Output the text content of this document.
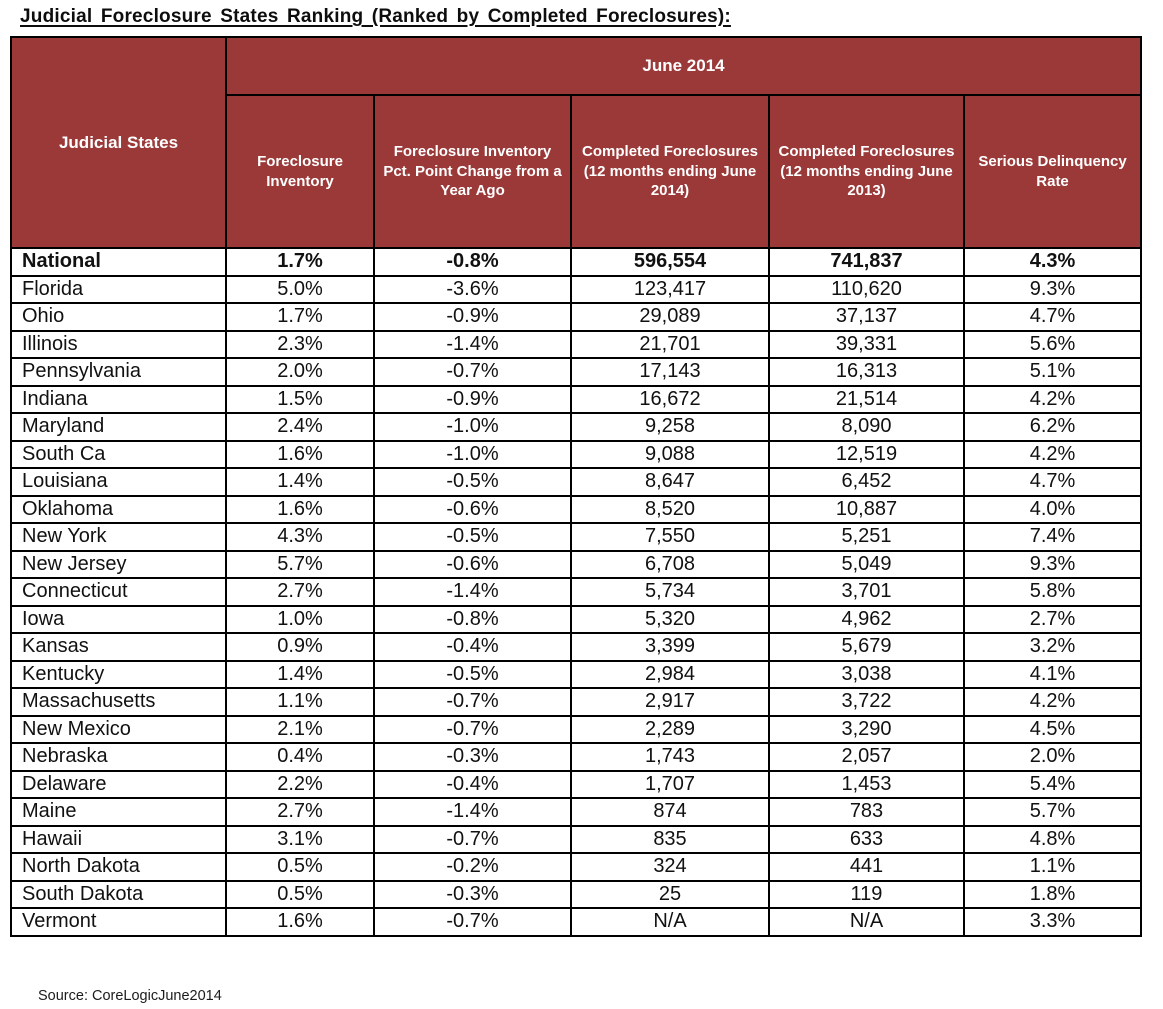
Judicial Foreclosure States Ranking (Ranked by Completed Foreclosures):
Judicial States	June 2014				
	Foreclosure Inventory	Foreclosure Inventory Pct. Point Change from a Year Ago	Completed Foreclosures (12 months ending June 2014)	Completed Foreclosures (12 months ending June 2013)	Serious Delinquency Rate
National	1.7%	-0.8%	596,554	741,837	4.3%
Florida	5.0%	-3.6%	123,417	110,620	9.3%
Ohio	1.7%	-0.9%	29,089	37,137	4.7%
Illinois	2.3%	-1.4%	21,701	39,331	5.6%
Pennsylvania	2.0%	-0.7%	17,143	16,313	5.1%
Indiana	1.5%	-0.9%	16,672	21,514	4.2%
Maryland	2.4%	-1.0%	9,258	8,090	6.2%
South Ca	1.6%	-1.0%	9,088	12,519	4.2%
Louisiana	1.4%	-0.5%	8,647	6,452	4.7%
Oklahoma	1.6%	-0.6%	8,520	10,887	4.0%
New York	4.3%	-0.5%	7,550	5,251	7.4%
New Jersey	5.7%	-0.6%	6,708	5,049	9.3%
Connecticut	2.7%	-1.4%	5,734	3,701	5.8%
Iowa	1.0%	-0.8%	5,320	4,962	2.7%
Kansas	0.9%	-0.4%	3,399	5,679	3.2%
Kentucky	1.4%	-0.5%	2,984	3,038	4.1%
Massachusetts	1.1%	-0.7%	2,917	3,722	4.2%
New Mexico	2.1%	-0.7%	2,289	3,290	4.5%
Nebraska	0.4%	-0.3%	1,743	2,057	2.0%
Delaware	2.2%	-0.4%	1,707	1,453	5.4%
Maine	2.7%	-1.4%	874	783	5.7%
Hawaii	3.1%	-0.7%	835	633	4.8%
North Dakota	0.5%	-0.2%	324	441	1.1%
South Dakota	0.5%	-0.3%	25	119	1.8%
Vermont	1.6%	-0.7%	N/A	N/A	3.3%
Source: CoreLogicJune2014
